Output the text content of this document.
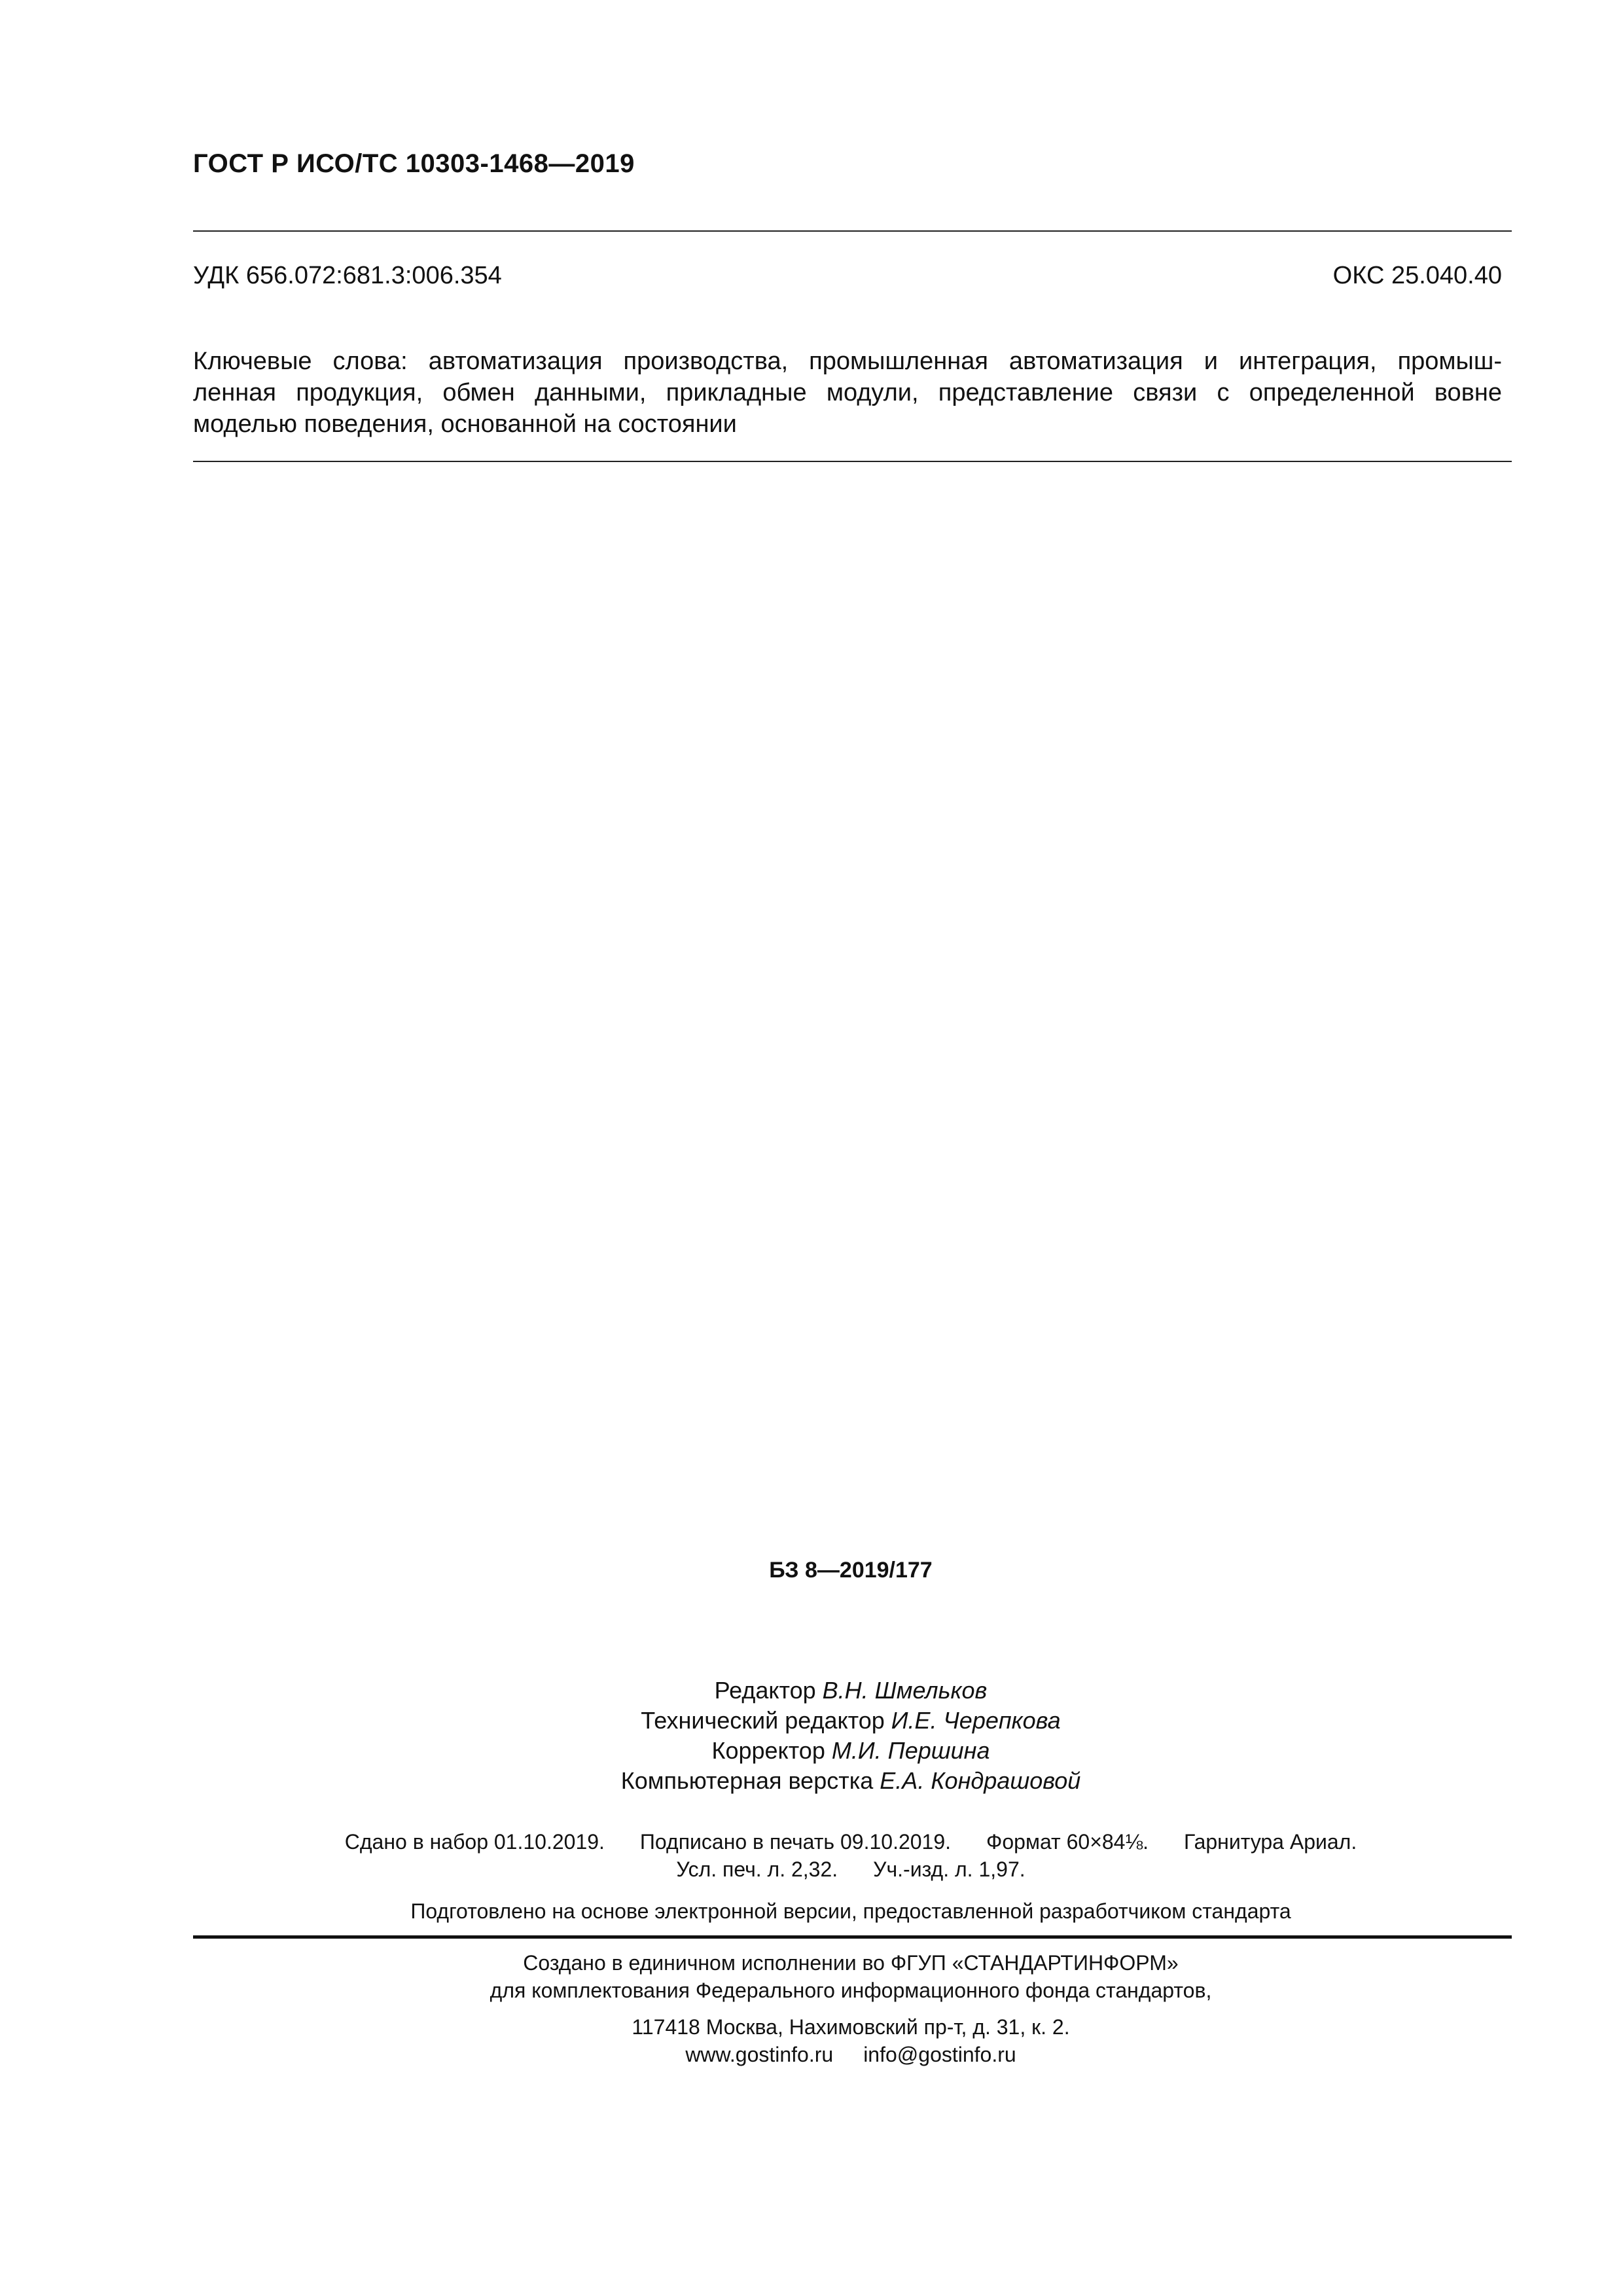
ГОСТ Р ИСО/ТС 10303-1468—2019
УДК 656.072:681.3:006.354	ОКС 25.040.40
Ключевые слова: автоматизация производства, промышленная автоматизация и интеграция, промыш-
ленная продукция, обмен данными, прикладные модули, представление связи с определенной вовне
моделью поведения, основанной на состоянии
БЗ 8—2019/177
Редактор В.Н. Шмельков
Технический редактор И.Е. Черепкова
Корректор М.И. Першина
Компьютерная верстка Е.А. Кондрашовой
Сдано в набор 01.10.2019. Подписано в печать 09.10.2019. Формат 60×84⅛. Гарнитура Ариал.
Усл. печ. л. 2,32. Уч.-изд. л. 1,97.
Подготовлено на основе электронной версии, предоставленной разработчиком стандарта
Создано в единичном исполнении во ФГУП «СТАНДАРТИНФОРМ»
для комплектования Федерального информационного фонда стандартов,
117418 Москва, Нахимовский пр-т, д. 31, к. 2.
www.gostinfo.ru info@gostinfo.ru
